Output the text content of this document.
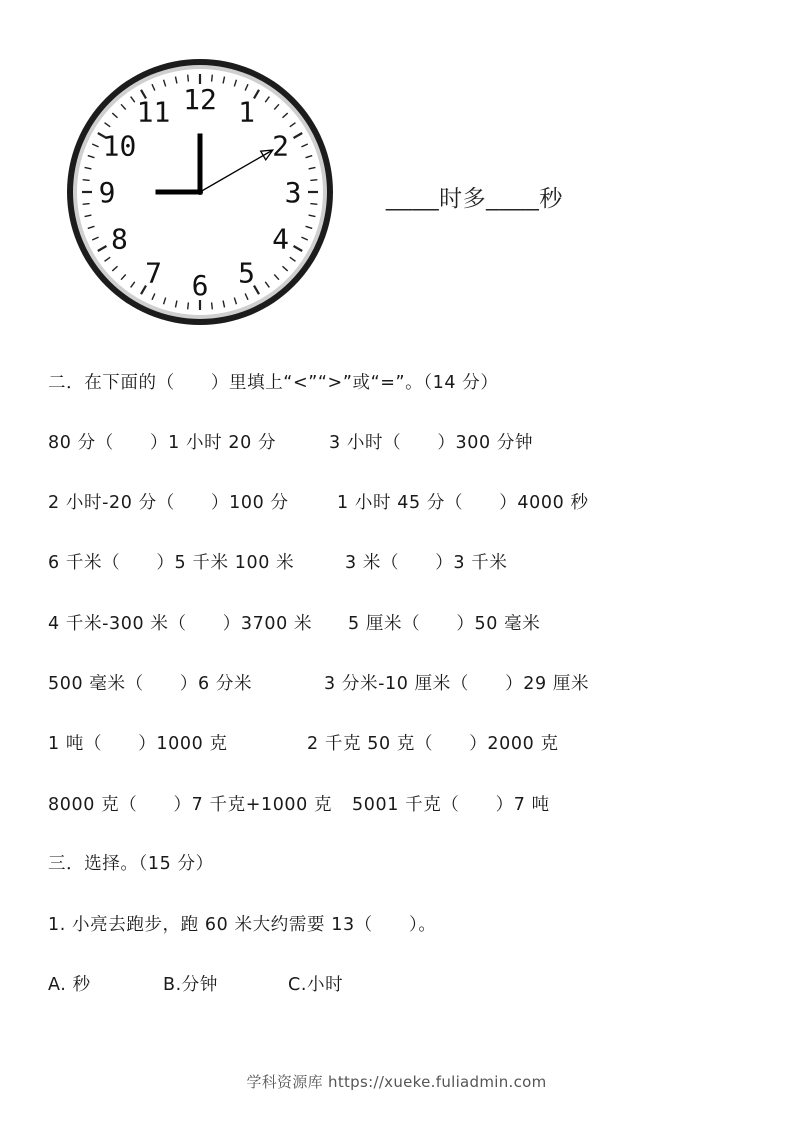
12 1
2
3
4
5
6
7
8
9
10
11
____时多____秒
二．在下面的（　　）里填上“<”“>”或“=”。（14 分）
80 分（　　）1 小时 20 分	3 小时（　　）300 分钟
2 小时-20 分（　　）100 分	1 小时 45 分（　　）4000 秒
6 千米（　　）5 千米 100 米	3 米（　　）3 千米
4 千米-300 米（　　）3700 米 5 厘米（　　）50 毫米
500 毫米（　　）6 分米	3 分米-10 厘米（　　）29 厘米
1 吨（　　）1000 克	2 千克 50 克（　　）2000 克
8000 克（　　）7 千克+1000 克 5001 千克（　　）7 吨
三．选择。（15 分）
1. 小亮去跑步，跑 60 米大约需要 13（　　）。
A. 秒	B.分钟	C.小时
学科资源库 https://xueke.fuliadmin.com
